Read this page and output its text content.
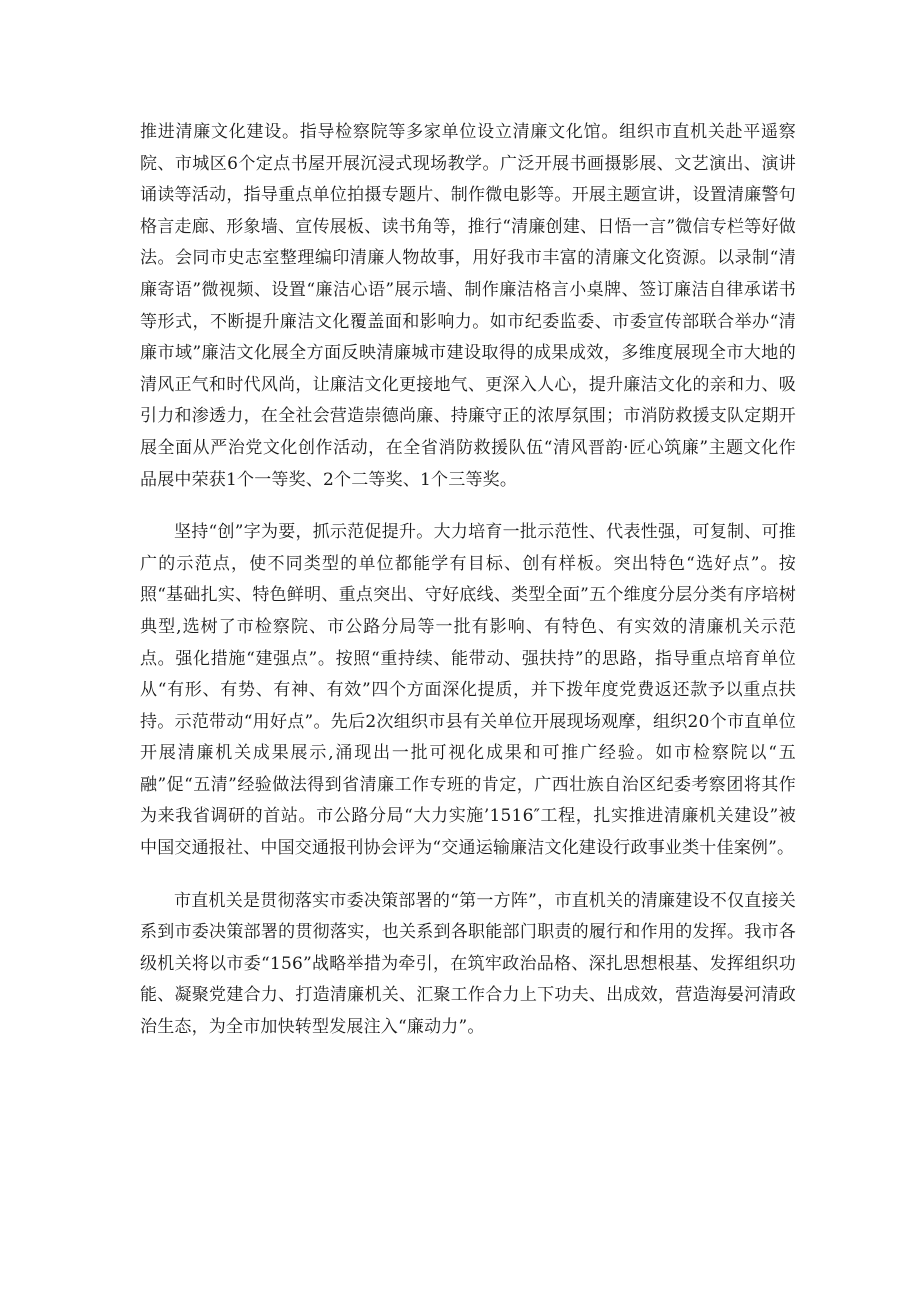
推进清廉文化建设。指导检察院等多家单位设立清廉文化馆。组织市直机关赴平遥察院、市城区6个定点书屋开展沉浸式现场教学。广泛开展书画摄影展、文艺演出、演讲诵读等活动，指导重点单位拍摄专题片、制作微电影等。开展主题宣讲，设置清廉警句格言走廊、形象墙、宣传展板、读书角等，推行“清廉创建、日悟一言”微信专栏等好做法。会同市史志室整理编印清廉人物故事，用好我市丰富的清廉文化资源。以录制“清廉寄语”微视频、设置“廉洁心语”展示墙、制作廉洁格言小桌牌、签订廉洁自律承诺书等形式，不断提升廉洁文化覆盖面和影响力。如市纪委监委、市委宣传部联合举办“清廉市域”廉洁文化展全方面反映清廉城市建设取得的成果成效，多维度展现全市大地的清风正气和时代风尚，让廉洁文化更接地气、更深入人心，提升廉洁文化的亲和力、吸引力和渗透力，在全社会营造崇德尚廉、持廉守正的浓厚氛围；市消防救援支队定期开展全面从严治党文化创作活动，在全省消防救援队伍“清风晋韵·匠心筑廉”主题文化作品展中荣获1个一等奖、2个二等奖、1个三等奖。

坚持“创”字为要，抓示范促提升。大力培育一批示范性、代表性强，可复制、可推广的示范点，使不同类型的单位都能学有目标、创有样板。突出特色“选好点”。按照“基础扎实、特色鲜明、重点突出、守好底线、类型全面”五个维度分层分类有序培树典型,选树了市检察院、市公路分局等一批有影响、有特色、有实效的清廉机关示范点。强化措施“建强点”。按照“重持续、能带动、强扶持”的思路，指导重点培育单位从“有形、有势、有神、有效”四个方面深化提质，并下拨年度党费返还款予以重点扶持。示范带动“用好点”。先后2次组织市县有关单位开展现场观摩，组织20个市直单位开展清廉机关成果展示,涌现出一批可视化成果和可推广经验。如市检察院以“五融”促“五清”经验做法得到省清廉工作专班的肯定，广西壮族自治区纪委考察团将其作为来我省调研的首站。市公路分局“大力实施’1516″工程，扎实推进清廉机关建设”被中国交通报社、中国交通报刊协会评为“交通运输廉洁文化建设行政事业类十佳案例”。

市直机关是贯彻落实市委决策部署的“第一方阵”，市直机关的清廉建设不仅直接关系到市委决策部署的贯彻落实，也关系到各职能部门职责的履行和作用的发挥。我市各级机关将以市委“156”战略举措为牵引，在筑牢政治品格、深扎思想根基、发挥组织功能、凝聚党建合力、打造清廉机关、汇聚工作合力上下功夫、出成效，营造海晏河清政治生态，为全市加快转型发展注入“廉动力”。
